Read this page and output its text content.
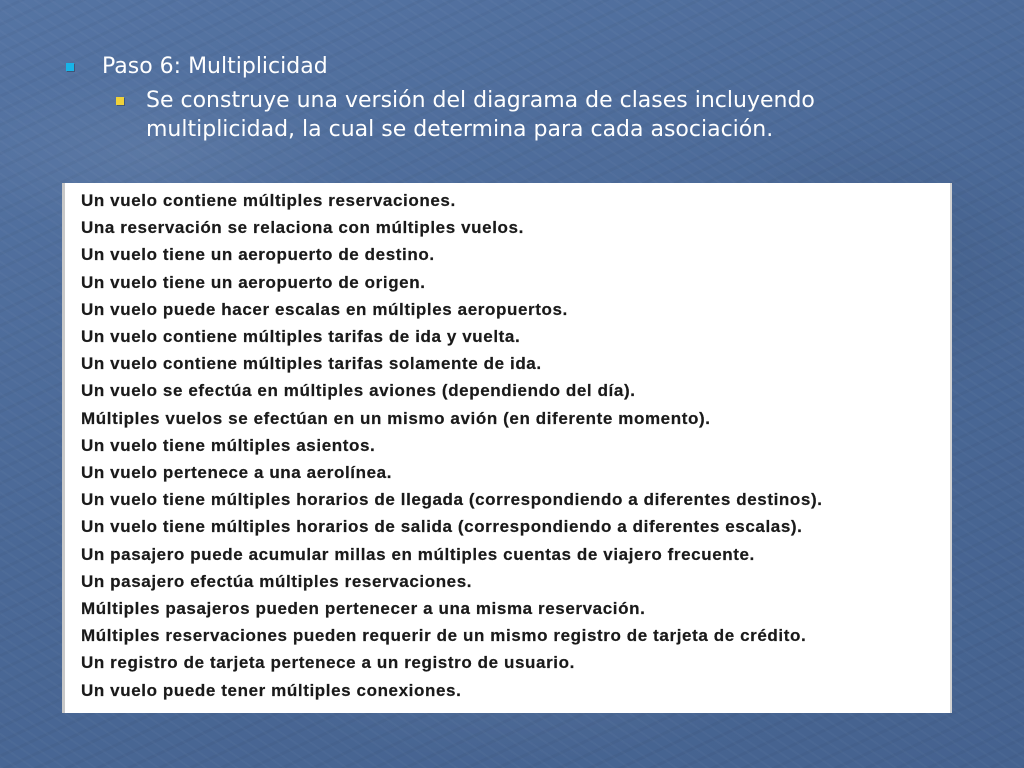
Paso 6: Multiplicidad
Se construye una versión del diagrama de clases incluyendo multiplicidad, la cual se determina para cada asociación.
Un vuelo contiene múltiples reservaciones.
Una reservación se relaciona con múltiples vuelos.
Un vuelo tiene un aeropuerto de destino.
Un vuelo tiene un aeropuerto de origen.
Un vuelo puede hacer escalas en múltiples aeropuertos.
Un vuelo contiene múltiples tarifas de ida y vuelta.
Un vuelo contiene múltiples tarifas solamente de ida.
Un vuelo se efectúa en múltiples aviones (dependiendo del día).
Múltiples vuelos se efectúan en un mismo avión (en diferente momento).
Un vuelo tiene múltiples asientos.
Un vuelo pertenece a una aerolínea.
Un vuelo tiene múltiples horarios de llegada (correspondiendo a diferentes destinos).
Un vuelo tiene múltiples horarios de salida (correspondiendo a diferentes escalas).
Un pasajero puede acumular millas en múltiples cuentas de viajero frecuente.
Un pasajero efectúa múltiples reservaciones.
Múltiples pasajeros pueden pertenecer a una misma reservación.
Múltiples reservaciones pueden requerir de un mismo registro de tarjeta de crédito.
Un registro de tarjeta pertenece a un registro de usuario.
Un vuelo puede tener múltiples conexiones.
